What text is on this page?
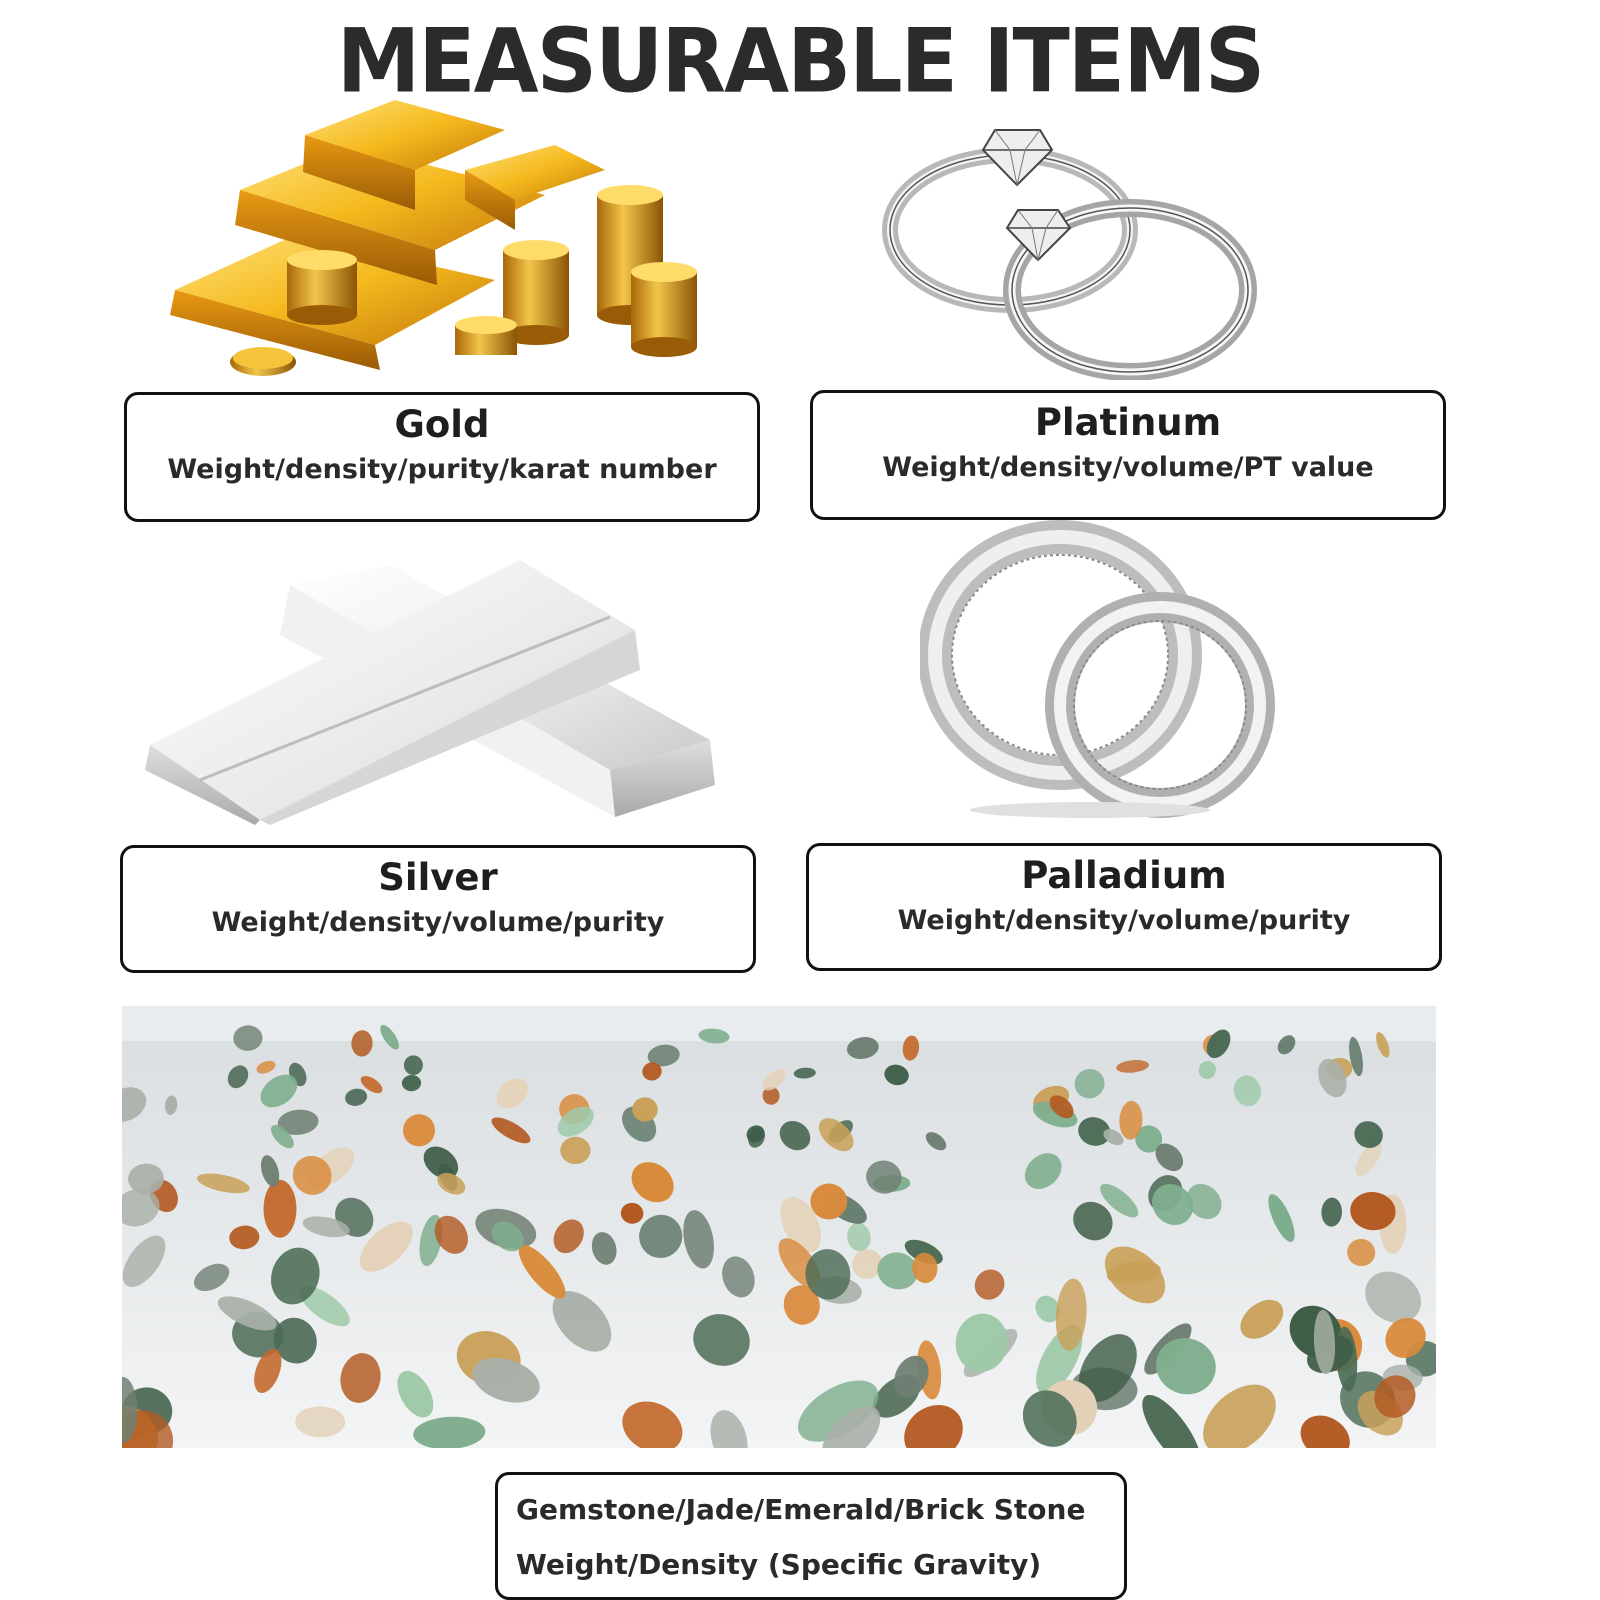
MEASURABLE ITEMS
Gold
Weight/density/purity/karat number
Platinum
Weight/density/volume/PT value
Silver
Weight/density/volume/purity
Palladium
Weight/density/volume/purity
Gemstone/Jade/Emerald/Brick Stone
Weight/Density (Specific Gravity)
